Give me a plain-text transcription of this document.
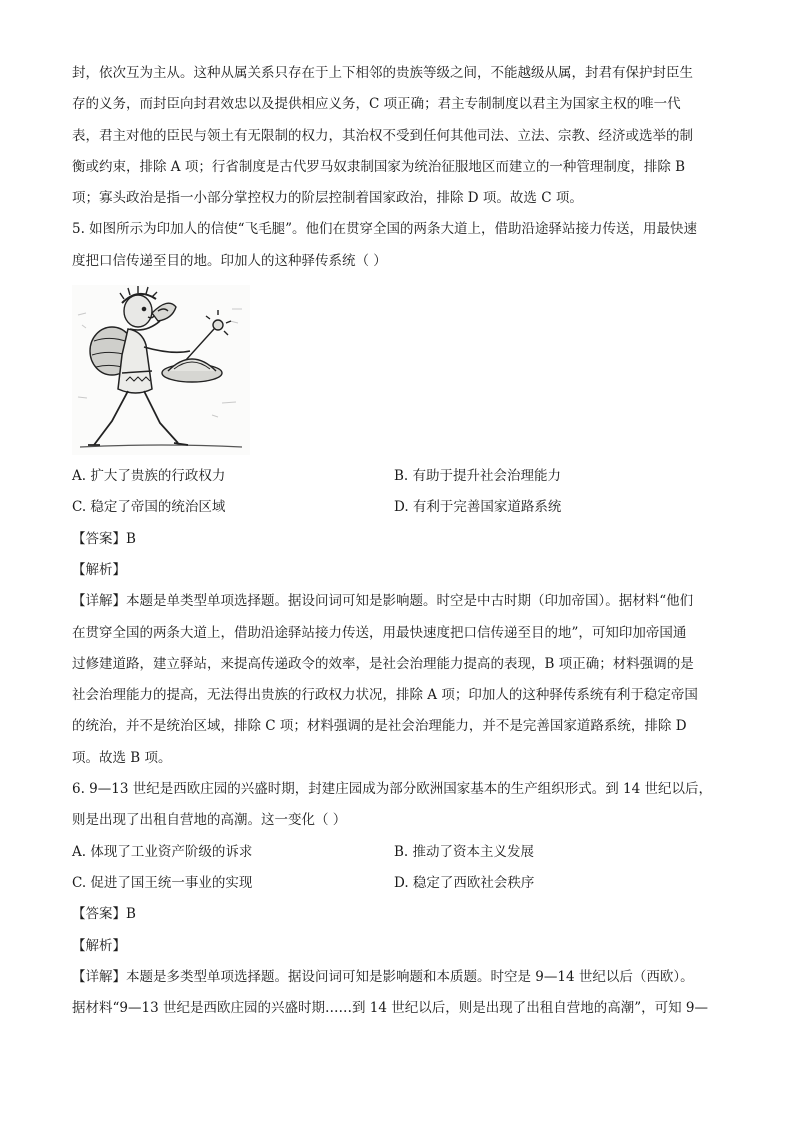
封，依次互为主从。这种从属关系只存在于上下相邻的贵族等级之间，不能越级从属，封君有保护封臣生
存的义务，而封臣向封君效忠以及提供相应义务，C 项正确；君主专制制度以君主为国家主权的唯一代
表，君主对他的臣民与领土有无限制的权力，其治权不受到任何其他司法、立法、宗教、经济或选举的制
衡或约束，排除 A 项；行省制度是古代罗马奴隶制国家为统治征服地区而建立的一种管理制度，排除 B
项；寡头政治是指一小部分掌控权力的阶层控制着国家政治，排除 D 项。故选 C 项。

5. 如图所示为印加人的信使“飞毛腿”。他们在贯穿全国的两条大道上，借助沿途驿站接力传送，用最快速
度把口信传递至目的地。印加人的这种驿传系统（ ）

A. 扩大了贵族的行政权力	B. 有助于提升社会治理能力
C. 稳定了帝国的统治区域	D. 有利于完善国家道路系统
【答案】B
【解析】

【详解】本题是单类型单项选择题。据设问词可知是影响题。时空是中古时期（印加帝国）。据材料“他们
在贯穿全国的两条大道上，借助沿途驿站接力传送，用最快速度把口信传递至目的地”，可知印加帝国通
过修建道路，建立驿站，来提高传递政令的效率，是社会治理能力提高的表现，B 项正确；材料强调的是
社会治理能力的提高，无法得出贵族的行政权力状况，排除 A 项；印加人的这种驿传系统有利于稳定帝国
的统治，并不是统治区域，排除 C 项；材料强调的是社会治理能力，并不是完善国家道路系统，排除 D
项。故选 B 项。

6. 9—13 世纪是西欧庄园的兴盛时期，封建庄园成为部分欧洲国家基本的生产组织形式。到 14 世纪以后，
则是出现了出租自营地的高潮。这一变化（ ）

A. 体现了工业资产阶级的诉求	B. 推动了资本主义发展
C. 促进了国王统一事业的实现	D. 稳定了西欧社会秩序
【答案】B
【解析】

【详解】本题是多类型单项选择题。据设问词可知是影响题和本质题。时空是 9—14 世纪以后（西欧）。
据材料“9—13 世纪是西欧庄园的兴盛时期……到 14 世纪以后，则是出现了出租自营地的高潮”，可知 9—
